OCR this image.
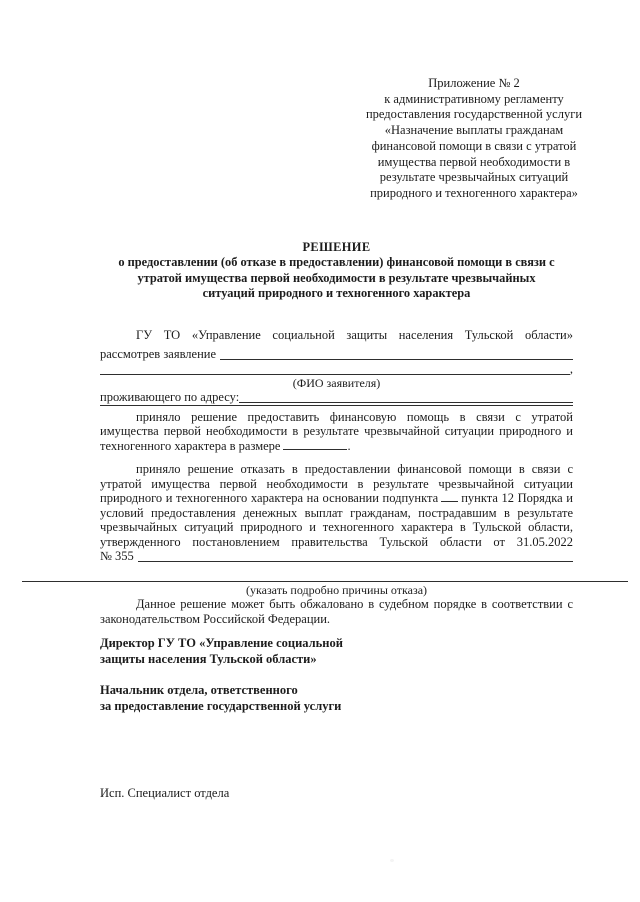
Приложение № 2
к административному регламенту
предоставления государственной услуги
«Назначение выплаты гражданам
финансовой помощи в связи с утратой
имущества первой необходимости в
результате чрезвычайных ситуаций
природного и техногенного характера»
РЕШЕНИЕ
о предоставлении (об отказе в предоставлении) финансовой помощи в связи с
утратой имущества первой необходимости в результате чрезвычайных
ситуаций природного и техногенного характера
ГУ ТО «Управление социальной защиты населения Тульской области»
рассмотрев заявление
,
(ФИО заявителя)
проживающего по адресу:
приняло решение предоставить финансовую помощь в связи с утратой имущества первой необходимости в результате чрезвычайной ситуации природного и техногенного характера в размере	.
приняло решение отказать в предоставлении финансовой помощи в связи с утратой имущества первой необходимости в результате чрезвычайной ситуации природного и техногенного характера на основании подпункта пункта 12 Порядка и условий предоставления денежных выплат гражданам, пострадавшим в результате чрезвычайных ситуаций природного и техногенного характера в Тульской области, утвержденного постановлением правительства Тульской области от 31.05.2022
№ 355
(указать подробно причины отказа)
Данное решение может быть обжаловано в судебном порядке в соответствии с законодательством Российской Федерации.
Директор ГУ ТО «Управление социальной
защиты населения Тульской области»
Начальник отдела, ответственного
за предоставление государственной услуги
Исп. Специалист отдела
